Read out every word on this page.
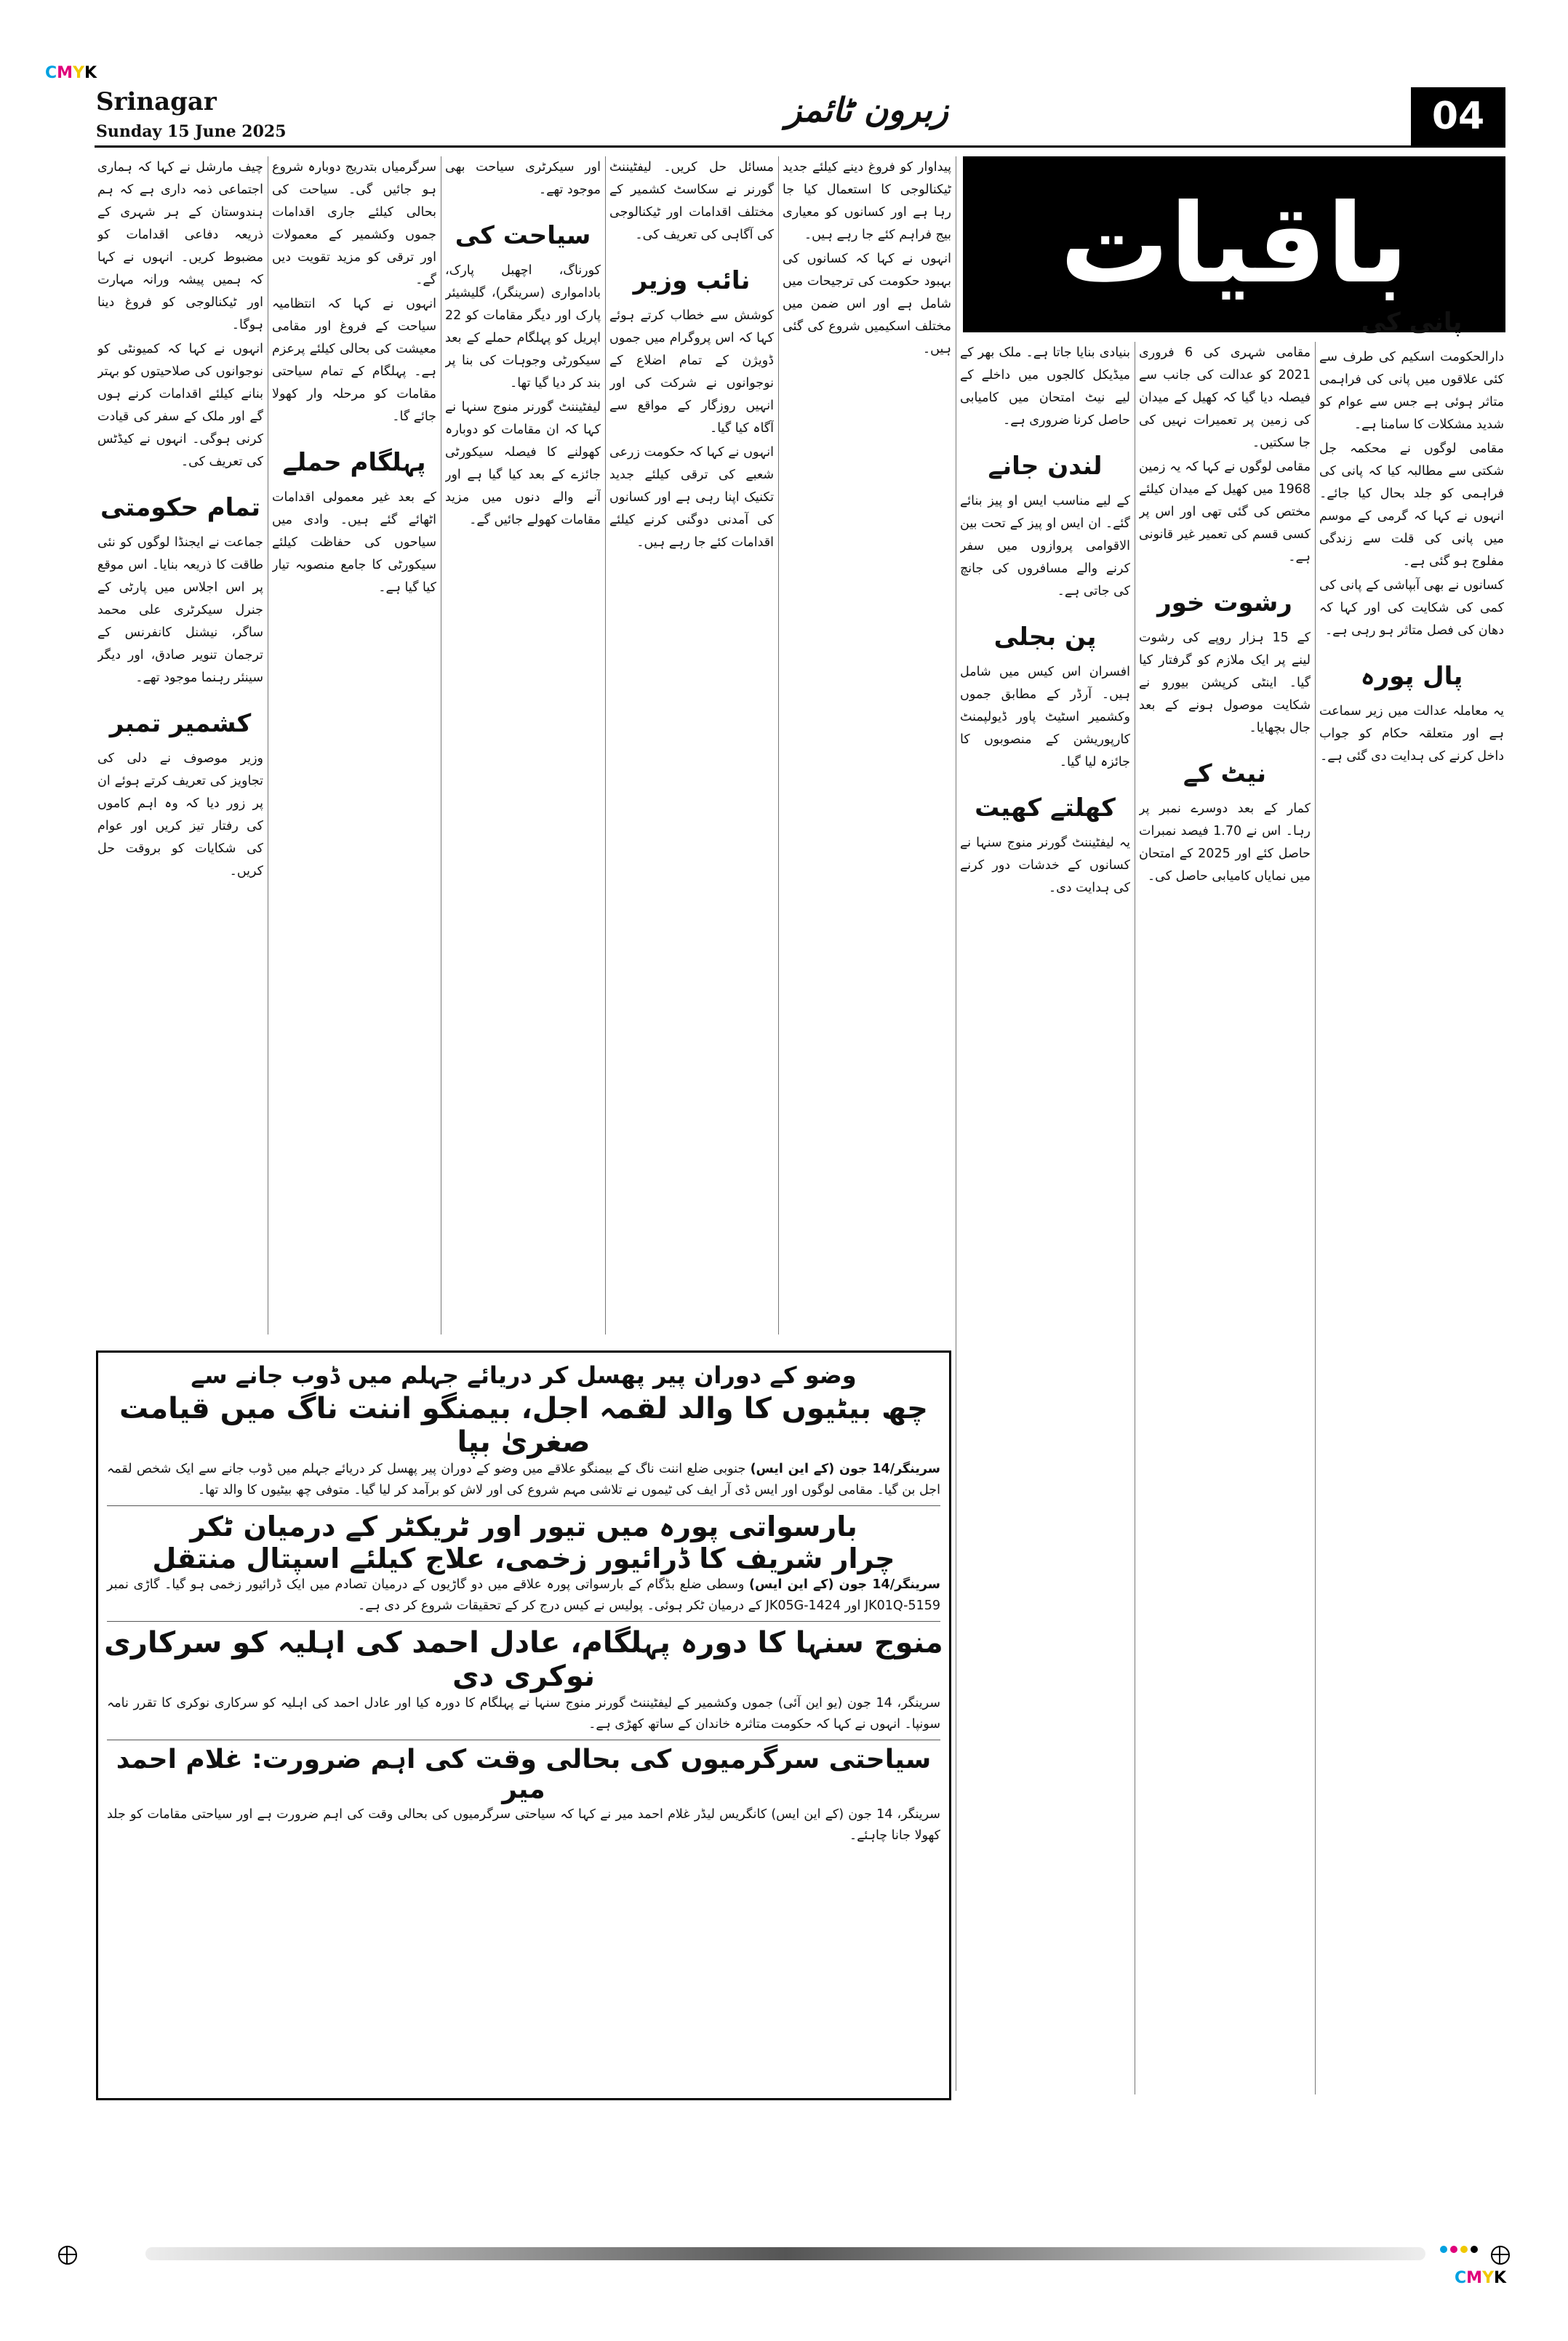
CMYK
CMYK
Srinagar
Sunday 15 June 2025
زبرون ٹائمز	04
باقیات

چیف مارشل نے کہا کہ ہماری اجتماعی ذمہ داری ہے کہ ہم ہندوستان کے ہر شہری کے ذریعہ دفاعی اقدامات کو مضبوط کریں۔ انہوں نے کہا کہ ہمیں پیشہ ورانہ مہارت اور ٹیکنالوجی کو فروغ دینا ہوگا۔

انہوں نے کہا کہ کمیونٹی کو نوجوانوں کی صلاحیتوں کو بہتر بنانے کیلئے اقدامات کرنے ہوں گے اور ملک کے سفر کی قیادت کرنی ہوگی۔ انہوں نے کیڈٹس کی تعریف کی۔

تمام حکومتی

جماعت نے ایجنڈا لوگوں کو نئی طاقت کا ذریعہ بنایا۔ اس موقع پر اس اجلاس میں پارٹی کے جنرل سیکرٹری علی محمد ساگر، نیشنل کانفرنس کے ترجمان تنویر صادق، اور دیگر سینئر رہنما موجود تھے۔

کشمیر تمبر

وزیر موصوف نے دلی کی تجاویز کی تعریف کرتے ہوئے ان پر زور دیا کہ وہ اہم کاموں کی رفتار تیز کریں اور عوام کی شکایات کو بروقت حل کریں۔

سرگرمیاں بتدریج دوبارہ شروع ہو جائیں گی۔ سیاحت کی بحالی کیلئے جاری اقدامات جموں وکشمیر کے معمولات اور ترقی کو مزید تقویت دیں گے۔

انہوں نے کہا کہ انتظامیہ سیاحت کے فروغ اور مقامی معیشت کی بحالی کیلئے پرعزم ہے۔ پہلگام کے تمام سیاحتی مقامات کو مرحلہ وار کھولا جائے گا۔

پہلگام حملے

کے بعد غیر معمولی اقدامات اٹھائے گئے ہیں۔ وادی میں سیاحوں کی حفاظت کیلئے سیکورٹی کا جامع منصوبہ تیار کیا گیا ہے۔

اور سیکرٹری سیاحت بھی موجود تھے۔

سیاحت کی

کورناگ، اچھبل پارک، بادامواری (سرینگر)، گلیشیئر پارک اور دیگر مقامات کو 22 اپریل کو پہلگام حملے کے بعد سیکورٹی وجوہات کی بنا پر بند کر دیا گیا تھا۔

لیفٹیننٹ گورنر منوج سنہا نے کہا کہ ان مقامات کو دوبارہ کھولنے کا فیصلہ سیکورٹی جائزے کے بعد کیا گیا ہے اور آنے والے دنوں میں مزید مقامات کھولے جائیں گے۔

مسائل حل کریں۔ لیفٹیننٹ گورنر نے سکاسٹ کشمیر کے مختلف اقدامات اور ٹیکنالوجی کی آگاہی کی تعریف کی۔

نائب وزیر

کوشش سے خطاب کرتے ہوئے کہا کہ اس پروگرام میں جموں ڈویژن کے تمام اضلاع کے نوجوانوں نے شرکت کی اور انہیں روزگار کے مواقع سے آگاہ کیا گیا۔

انہوں نے کہا کہ حکومت زرعی شعبے کی ترقی کیلئے جدید تکنیک اپنا رہی ہے اور کسانوں کی آمدنی دوگنی کرنے کیلئے اقدامات کئے جا رہے ہیں۔

پیداوار کو فروغ دینے کیلئے جدید ٹیکنالوجی کا استعمال کیا جا رہا ہے اور کسانوں کو معیاری بیج فراہم کئے جا رہے ہیں۔

انہوں نے کہا کہ کسانوں کی بہبود حکومت کی ترجیحات میں شامل ہے اور اس ضمن میں مختلف اسکیمیں شروع کی گئی ہیں۔ بنیادی بنایا جاتا ہے۔ ملک بھر کے میڈیکل کالجوں میں داخلے کے لیے نیٹ امتحان میں کامیابی حاصل کرنا ضروری ہے۔

لندن جانے

کے لیے مناسب ایس او پیز بنائے گئے۔ ان ایس او پیز کے تحت بین الاقوامی پروازوں میں سفر کرنے والے مسافروں کی جانچ کی جاتی ہے۔

پن بجلی

افسران اس کیس میں شامل ہیں۔ آرڈر کے مطابق جموں وکشمیر اسٹیٹ پاور ڈیولپمنٹ کارپوریشن کے منصوبوں کا جائزہ لیا گیا۔

کھلتے کھیت

یہ لیفٹیننٹ گورنر منوج سنہا نے کسانوں کے خدشات دور کرنے کی ہدایت دی۔

مقامی شہری کی 6 فروری 2021 کو عدالت کی جانب سے فیصلہ دیا گیا کہ کھیل کے میدان کی زمین پر تعمیرات نہیں کی جا سکتیں۔

مقامی لوگوں نے کہا کہ یہ زمین 1968 میں کھیل کے میدان کیلئے مختص کی گئی تھی اور اس پر کسی قسم کی تعمیر غیر قانونی ہے۔

رشوت خور

کے 15 ہزار روپے کی رشوت لینے پر ایک ملازم کو گرفتار کیا گیا۔ اینٹی کرپشن بیورو نے شکایت موصول ہونے کے بعد جال بچھایا۔

نیٹ کے

کمار کے بعد دوسرے نمبر پر رہا۔ اس نے 1.70 فیصد نمبرات حاصل کئے اور 2025 کے امتحان میں نمایاں کامیابی حاصل کی۔

پانی کی

دارالحکومت اسکیم کی طرف سے کئی علاقوں میں پانی کی فراہمی متاثر ہوئی ہے جس سے عوام کو شدید مشکلات کا سامنا ہے۔

مقامی لوگوں نے محکمہ جل شکتی سے مطالبہ کیا کہ پانی کی فراہمی کو جلد بحال کیا جائے۔ انہوں نے کہا کہ گرمی کے موسم میں پانی کی قلت سے زندگی مفلوج ہو گئی ہے۔

کسانوں نے بھی آبپاشی کے پانی کی کمی کی شکایت کی اور کہا کہ دھان کی فصل متاثر ہو رہی ہے۔

پال پورہ

یہ معاملہ عدالت میں زیر سماعت ہے اور متعلقہ حکام کو جواب داخل کرنے کی ہدایت دی گئی ہے۔

وضو کے دوران پیر پھسل کر دریائے جہلم میں ڈوب جانے سے
چھ بیٹیوں کا والد لقمہ اجل، بیمنگو اننت ناگ میں قیامت صغریٰ بپا
سرینگر/14 جون (کے این ایس) جنوبی ضلع اننت ناگ کے بیمنگو علاقے میں وضو کے دوران پیر پھسل کر دریائے جہلم میں ڈوب جانے سے ایک شخص لقمہ اجل بن گیا۔ مقامی لوگوں اور ایس ڈی آر ایف کی ٹیموں نے تلاشی مہم شروع کی اور لاش کو برآمد کر لیا گیا۔ متوفی چھ بیٹیوں کا والد تھا۔
بارسواتی پورہ میں تیور اور ٹریکٹر کے درمیان ٹکر
چرار شریف کا ڈرائیور زخمی، علاج کیلئے اسپتال منتقل
سرینگر/14 جون (کے این ایس) وسطی ضلع بڈگام کے بارسواتی پورہ علاقے میں دو گاڑیوں کے درمیان تصادم میں ایک ڈرائیور زخمی ہو گیا۔ گاڑی نمبر JK01Q-5159 اور JK05G-1424 کے درمیان ٹکر ہوئی۔ پولیس نے کیس درج کر کے تحقیقات شروع کر دی ہے۔
منوج سنہا کا دورہ پہلگام، عادل احمد کی اہلیہ کو سرکاری نوکری دی
سرینگر، 14 جون (یو این آئی) جموں وکشمیر کے لیفٹیننٹ گورنر منوج سنہا نے پہلگام کا دورہ کیا اور عادل احمد کی اہلیہ کو سرکاری نوکری کا تقرر نامہ سونپا۔ انہوں نے کہا کہ حکومت متاثرہ خاندان کے ساتھ کھڑی ہے۔
سیاحتی سرگرمیوں کی بحالی وقت کی اہم ضرورت: غلام احمد میر
سرینگر، 14 جون (کے این ایس) کانگریس لیڈر غلام احمد میر نے کہا کہ سیاحتی سرگرمیوں کی بحالی وقت کی اہم ضرورت ہے اور سیاحتی مقامات کو جلد کھولا جانا چاہئے۔
